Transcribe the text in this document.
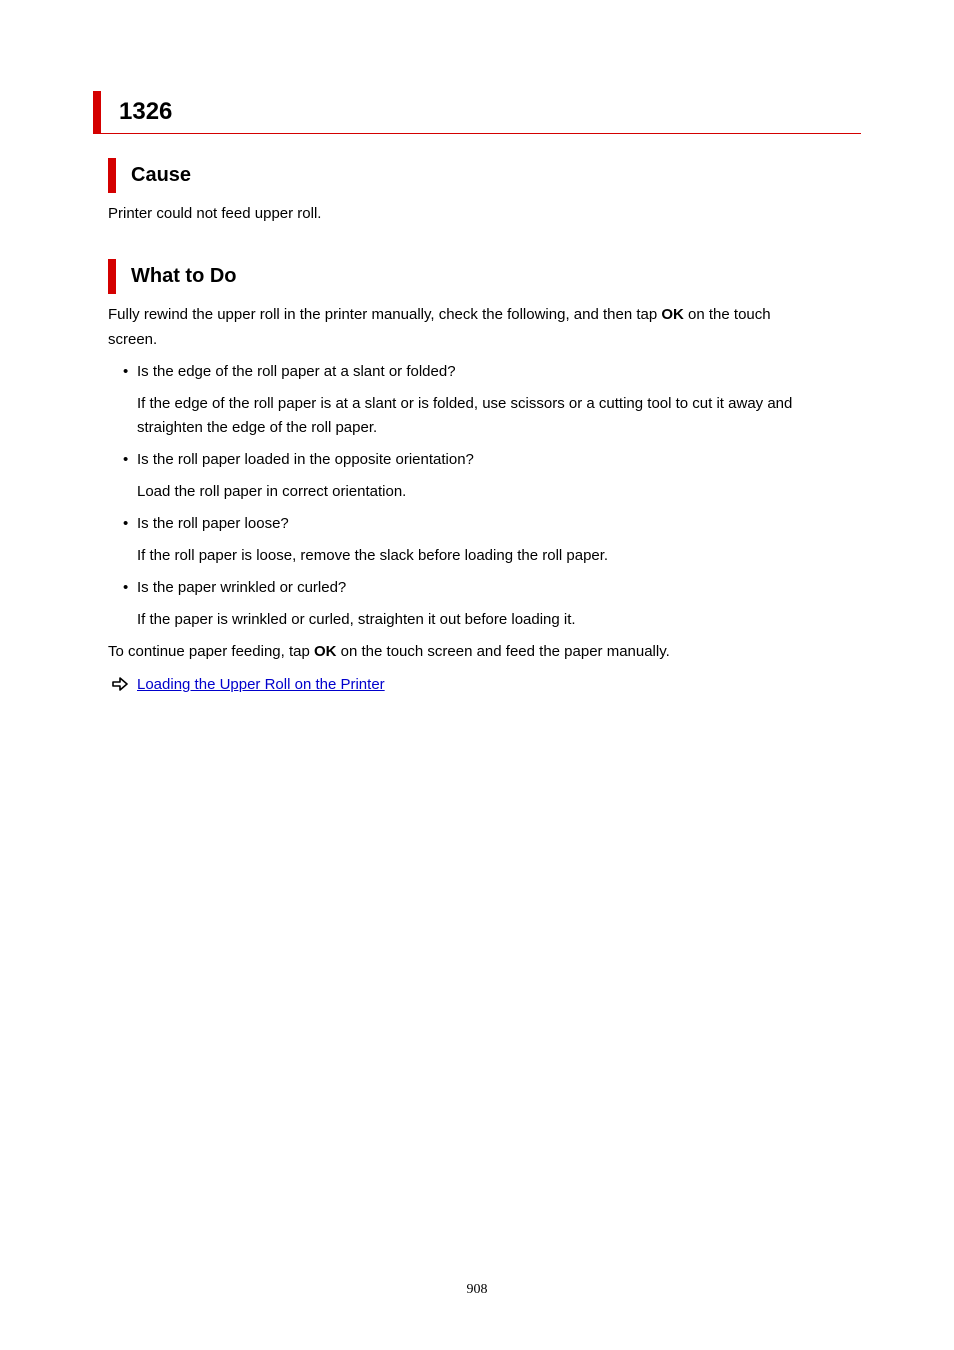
1326
Cause
Printer could not feed upper roll.
What to Do
Fully rewind the upper roll in the printer manually, check the following, and then tap OK on the touch
screen.
• Is the edge of the roll paper at a slant or folded?
If the edge of the roll paper is at a slant or is folded, use scissors or a cutting tool to cut it away and
straighten the edge of the roll paper.
• Is the roll paper loaded in the opposite orientation?
Load the roll paper in correct orientation.
• Is the roll paper loose?
If the roll paper is loose, remove the slack before loading the roll paper.
• Is the paper wrinkled or curled?
If the paper is wrinkled or curled, straighten it out before loading it.
To continue paper feeding, tap OK on the touch screen and feed the paper manually.
Loading the Upper Roll on the Printer
908
